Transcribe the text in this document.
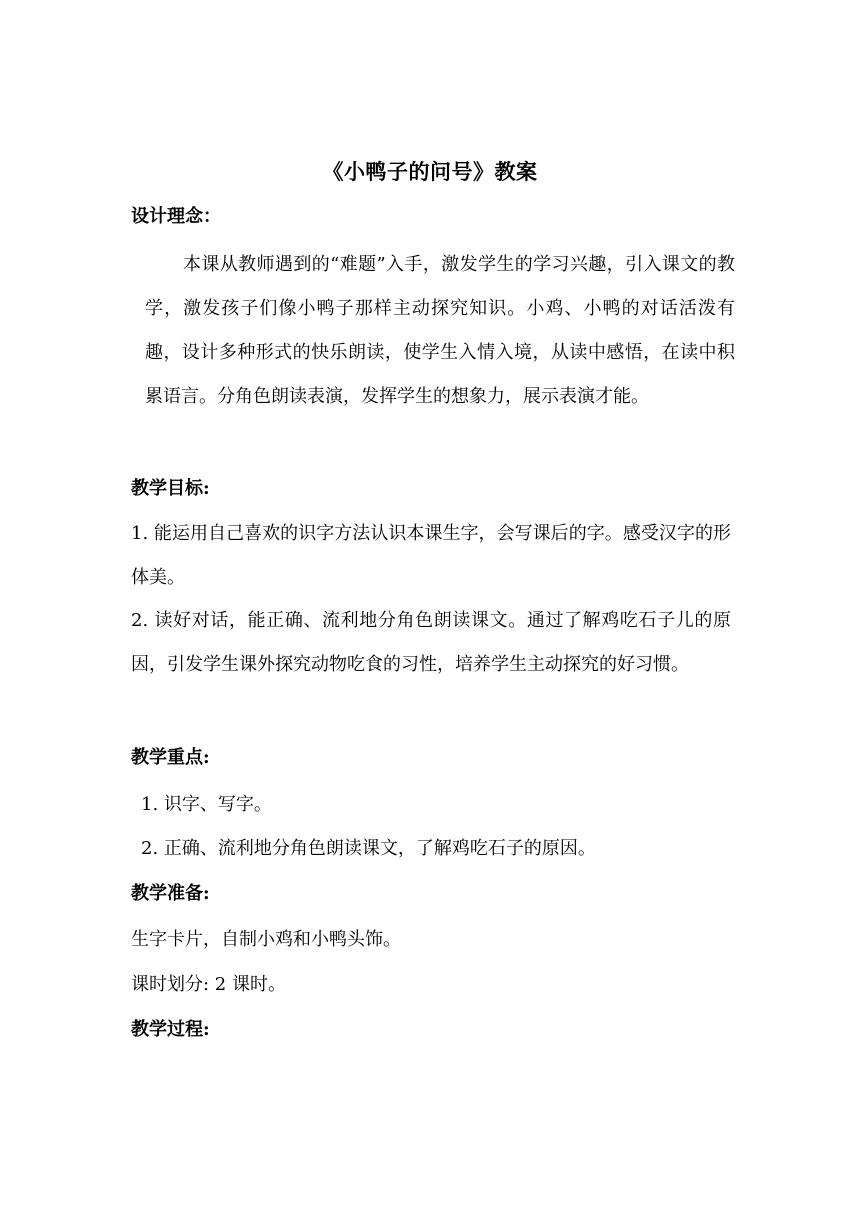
《小鸭子的问号》教案
设计理念：

本课从教师遇到的“难题”入手，激发学生的学习兴趣，引入课文的教学，激发孩子们像小鸭子那样主动探究知识。小鸡、小鸭的对话活泼有趣，设计多种形式的快乐朗读，使学生入情入境，从读中感悟，在读中积累语言。分角色朗读表演，发挥学生的想象力，展示表演才能。

教学目标:

1. 能运用自己喜欢的识字方法认识本课生字，会写课后的字。感受汉字的形体美。

2. 读好对话，能正确、流利地分角色朗读课文。通过了解鸡吃石子儿的原因，引发学生课外探究动物吃食的习性，培养学生主动探究的好习惯。

教学重点:
1. 识字、写字。
2. 正确、流利地分角色朗读课文，了解鸡吃石子的原因。
教学准备:
生字卡片，自制小鸡和小鸭头饰。
课时划分: 2 课时。
教学过程:
